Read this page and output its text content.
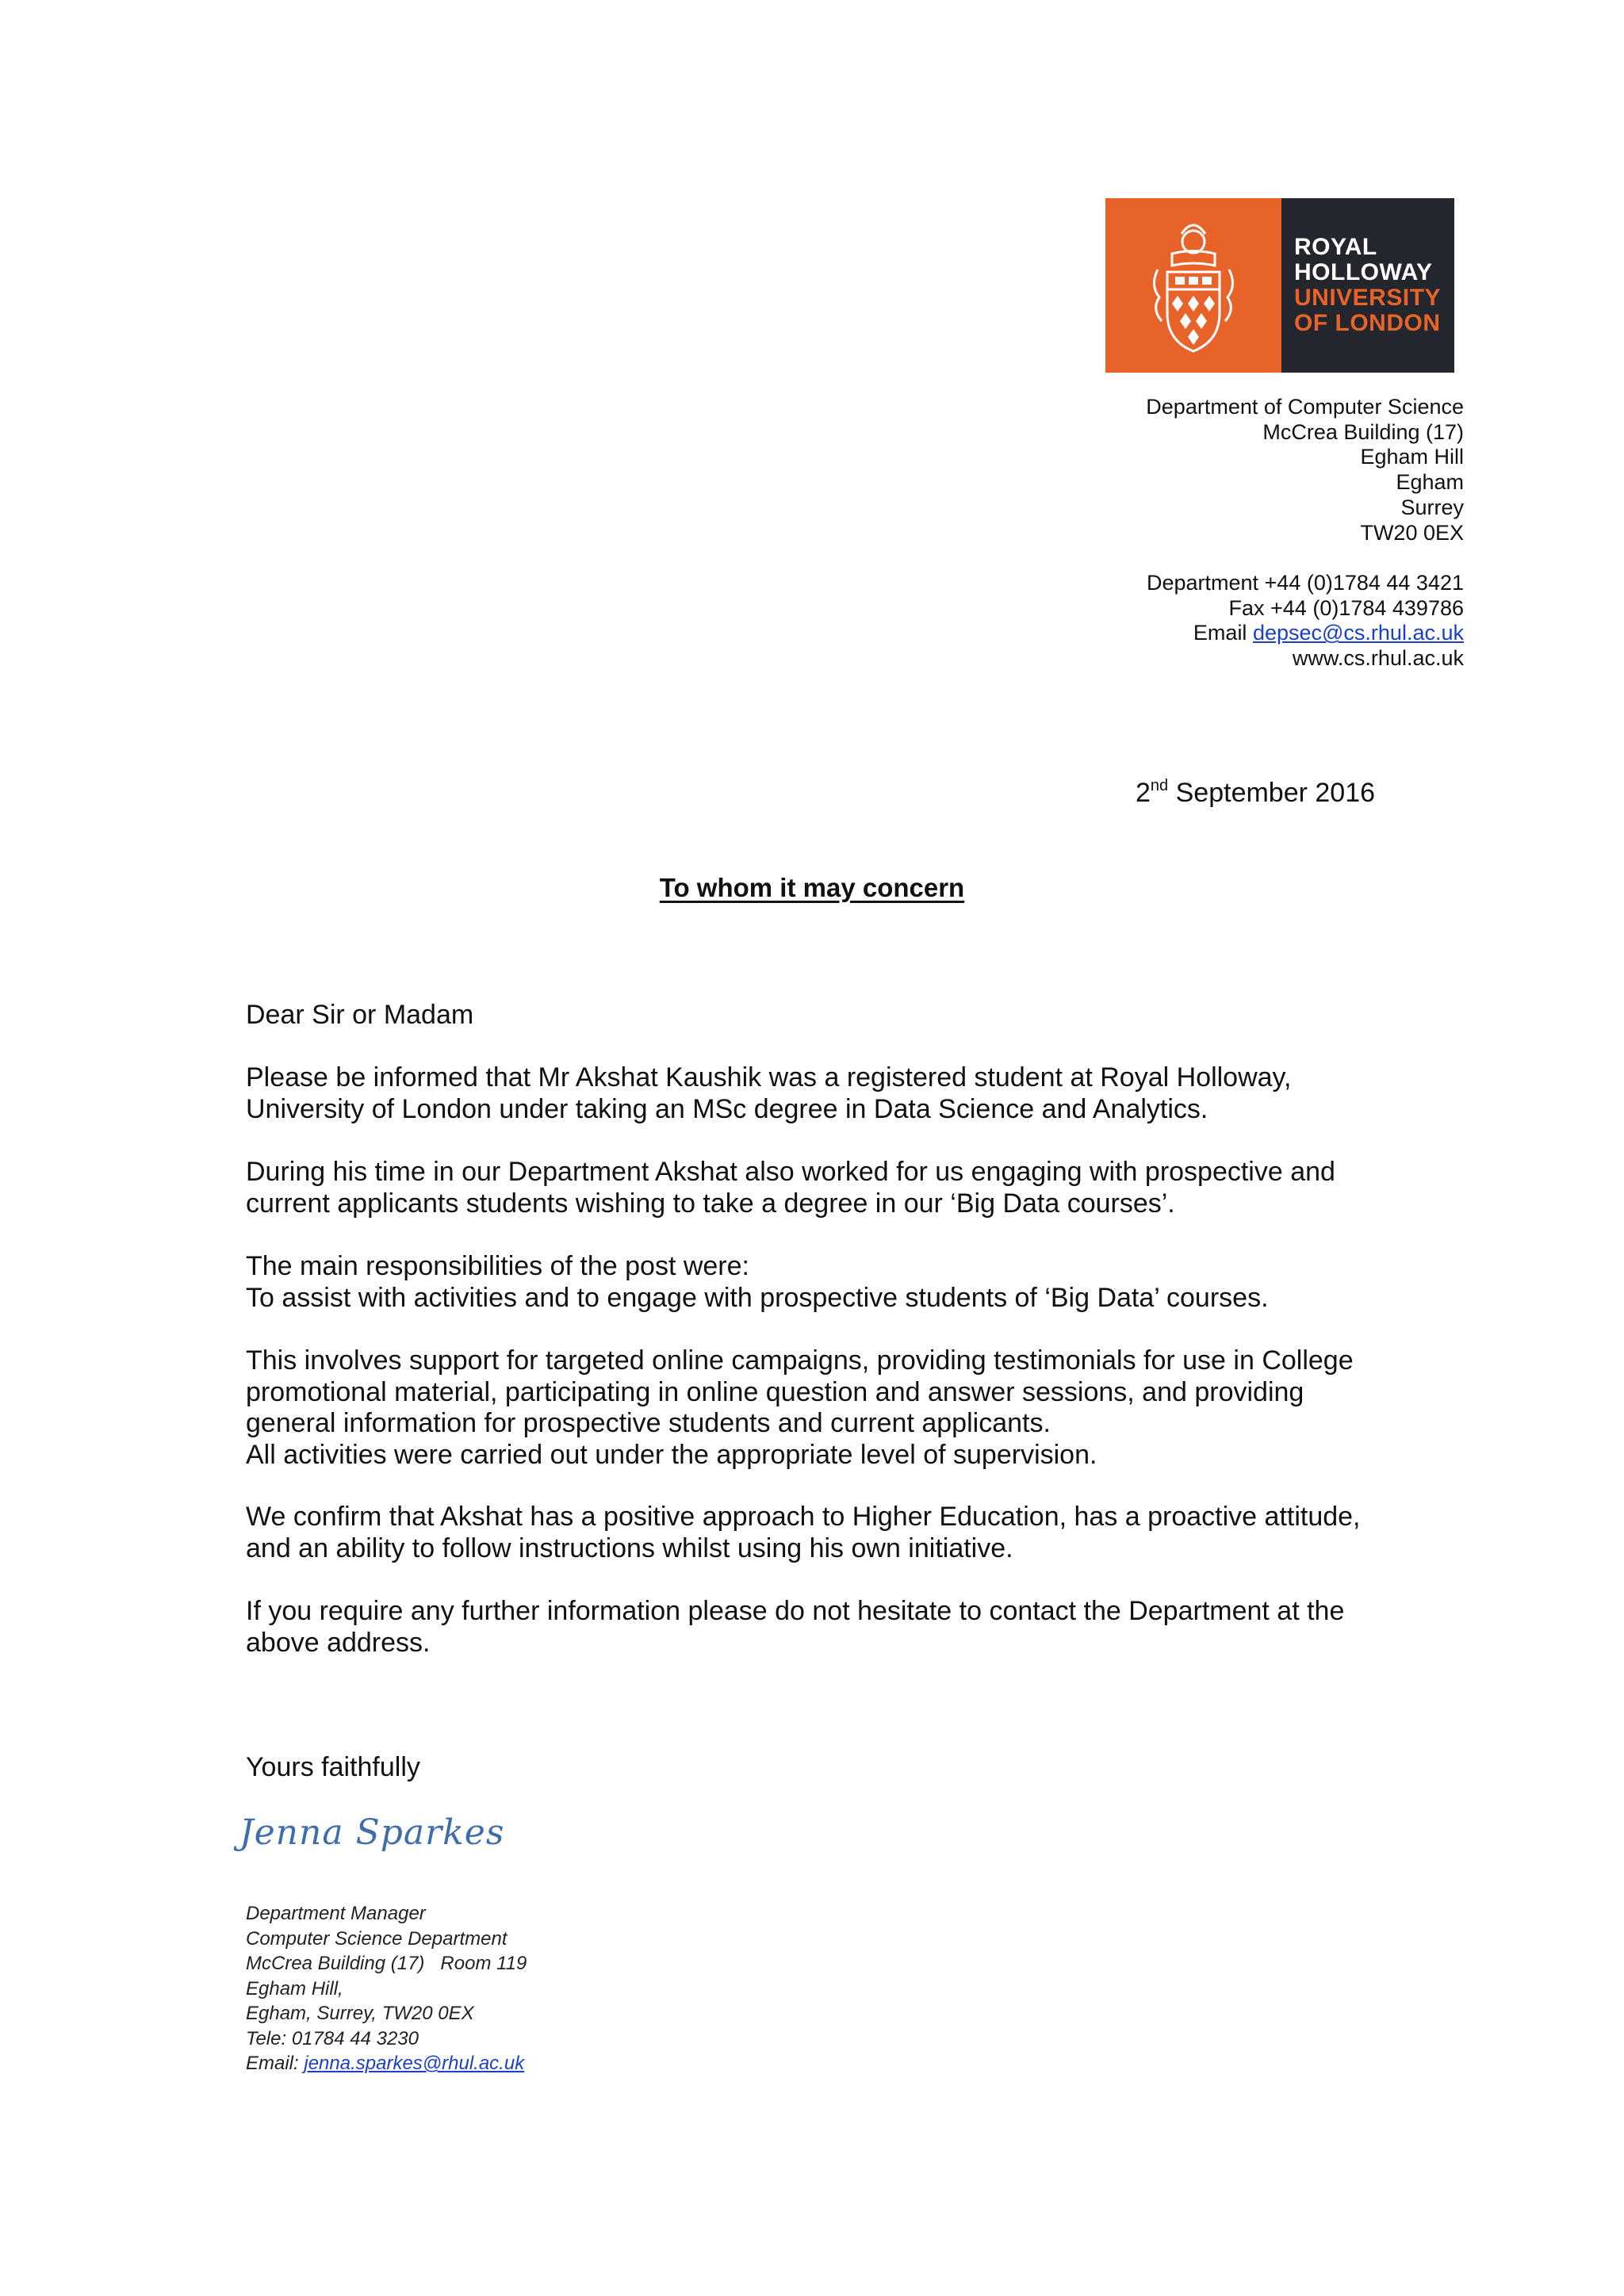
ROYAL
HOLLOWAY
UNIVERSITY
OF LONDON
Department of Computer Science
McCrea Building (17)
Egham Hill
Egham
Surrey
TW20 0EX
Department +44 (0)1784 44 3421
Fax +44 (0)1784 439786
Email depsec@cs.rhul.ac.uk
www.cs.rhul.ac.uk
2nd September 2016
To whom it may concern
Dear Sir or Madam
Please be informed that Mr Akshat Kaushik was a registered student at Royal Holloway,
University of London under taking an MSc degree in Data Science and Analytics.
During his time in our Department Akshat also worked for us engaging with prospective and
current applicants students wishing to take a degree in our ‘Big Data courses’.
The main responsibilities of the post were:
To assist with activities and to engage with prospective students of ‘Big Data’ courses.
This involves support for targeted online campaigns, providing testimonials for use in College
promotional material, participating in online question and answer sessions, and providing
general information for prospective students and current applicants.
All activities were carried out under the appropriate level of supervision.
We confirm that Akshat has a positive approach to Higher Education, has a proactive attitude,
and an ability to follow instructions whilst using his own initiative.
If you require any further information please do not hesitate to contact the Department at the
above address.
Yours faithfully
Jenna Sparkes
Department Manager
Computer Science Department
McCrea Building (17) Room 119
Egham Hill,
Egham, Surrey, TW20 0EX
Tele: 01784 44 3230
Email: jenna.sparkes@rhul.ac.uk
